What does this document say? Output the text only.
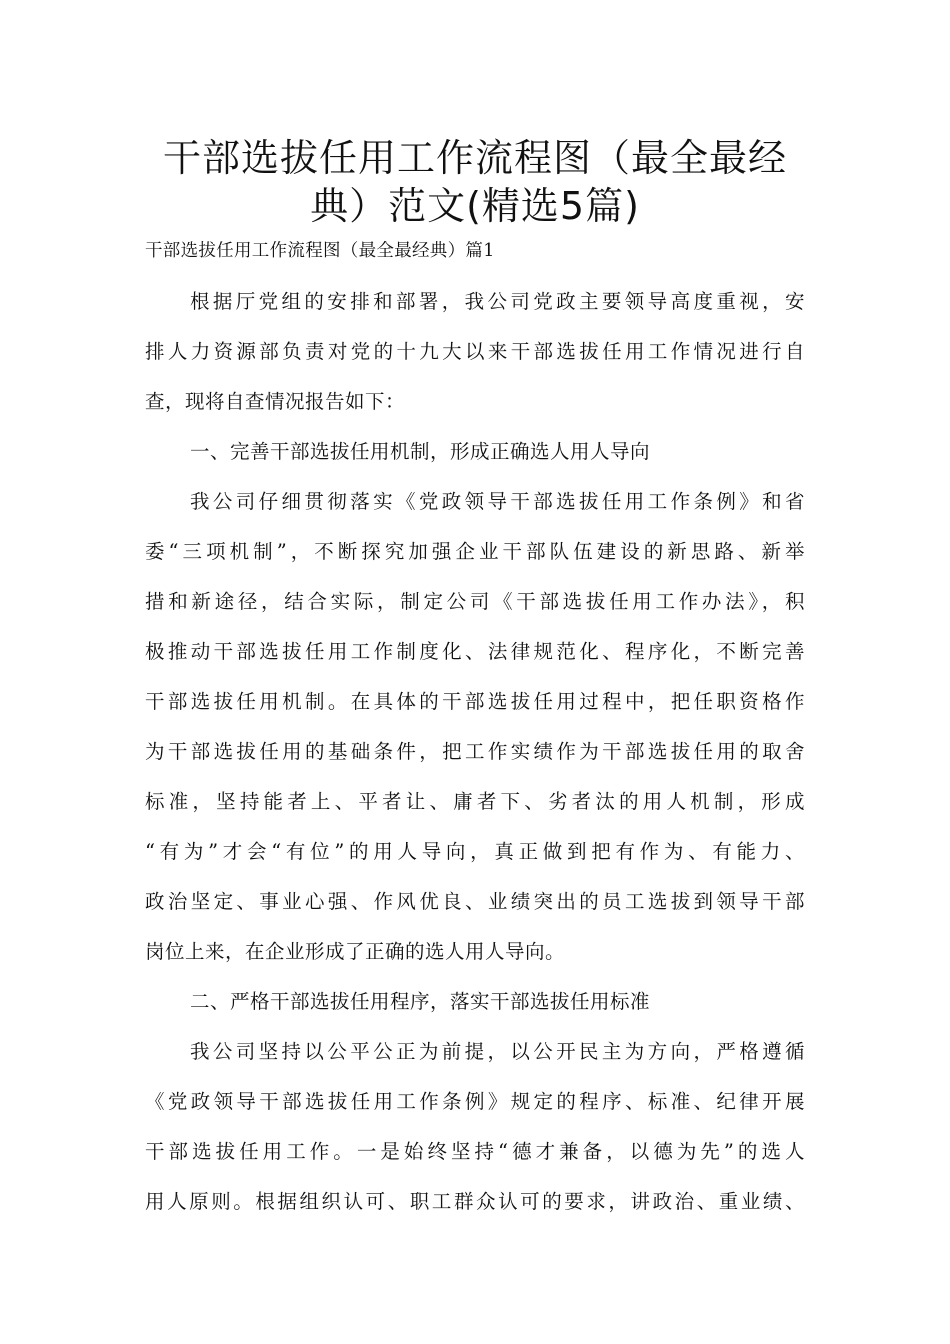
干部选拔任用工作流程图（最全最经
典）范文(精选5篇)
干部选拔任用工作流程图（最全最经典）篇1
根据厅党组的安排和部署，我公司党政主要领导高度重视，安
排人力资源部负责对党的十九大以来干部选拔任用工作情况进行自
查，现将自查情况报告如下：
一、完善干部选拔任用机制，形成正确选人用人导向
我公司仔细贯彻落实《党政领导干部选拔任用工作条例》和省
委“三项机制”，不断探究加强企业干部队伍建设的新思路、新举
措和新途径，结合实际，制定公司《干部选拔任用工作办法》，积
极推动干部选拔任用工作制度化、法律规范化、程序化，不断完善
干部选拔任用机制。在具体的干部选拔任用过程中，把任职资格作
为干部选拔任用的基础条件，把工作实绩作为干部选拔任用的取舍
标准，坚持能者上、平者让、庸者下、劣者汰的用人机制，形成
“有为”才会“有位”的用人导向，真正做到把有作为、有能力、
政治坚定、事业心强、作风优良、业绩突出的员工选拔到领导干部
岗位上来，在企业形成了正确的选人用人导向。
二、严格干部选拔任用程序，落实干部选拔任用标准
我公司坚持以公平公正为前提，以公开民主为方向，严格遵循
《党政领导干部选拔任用工作条例》规定的程序、标准、纪律开展
干部选拔任用工作。一是始终坚持“德才兼备，以德为先”的选人
用人原则。根据组织认可、职工群众认可的要求，讲政治、重业绩、
